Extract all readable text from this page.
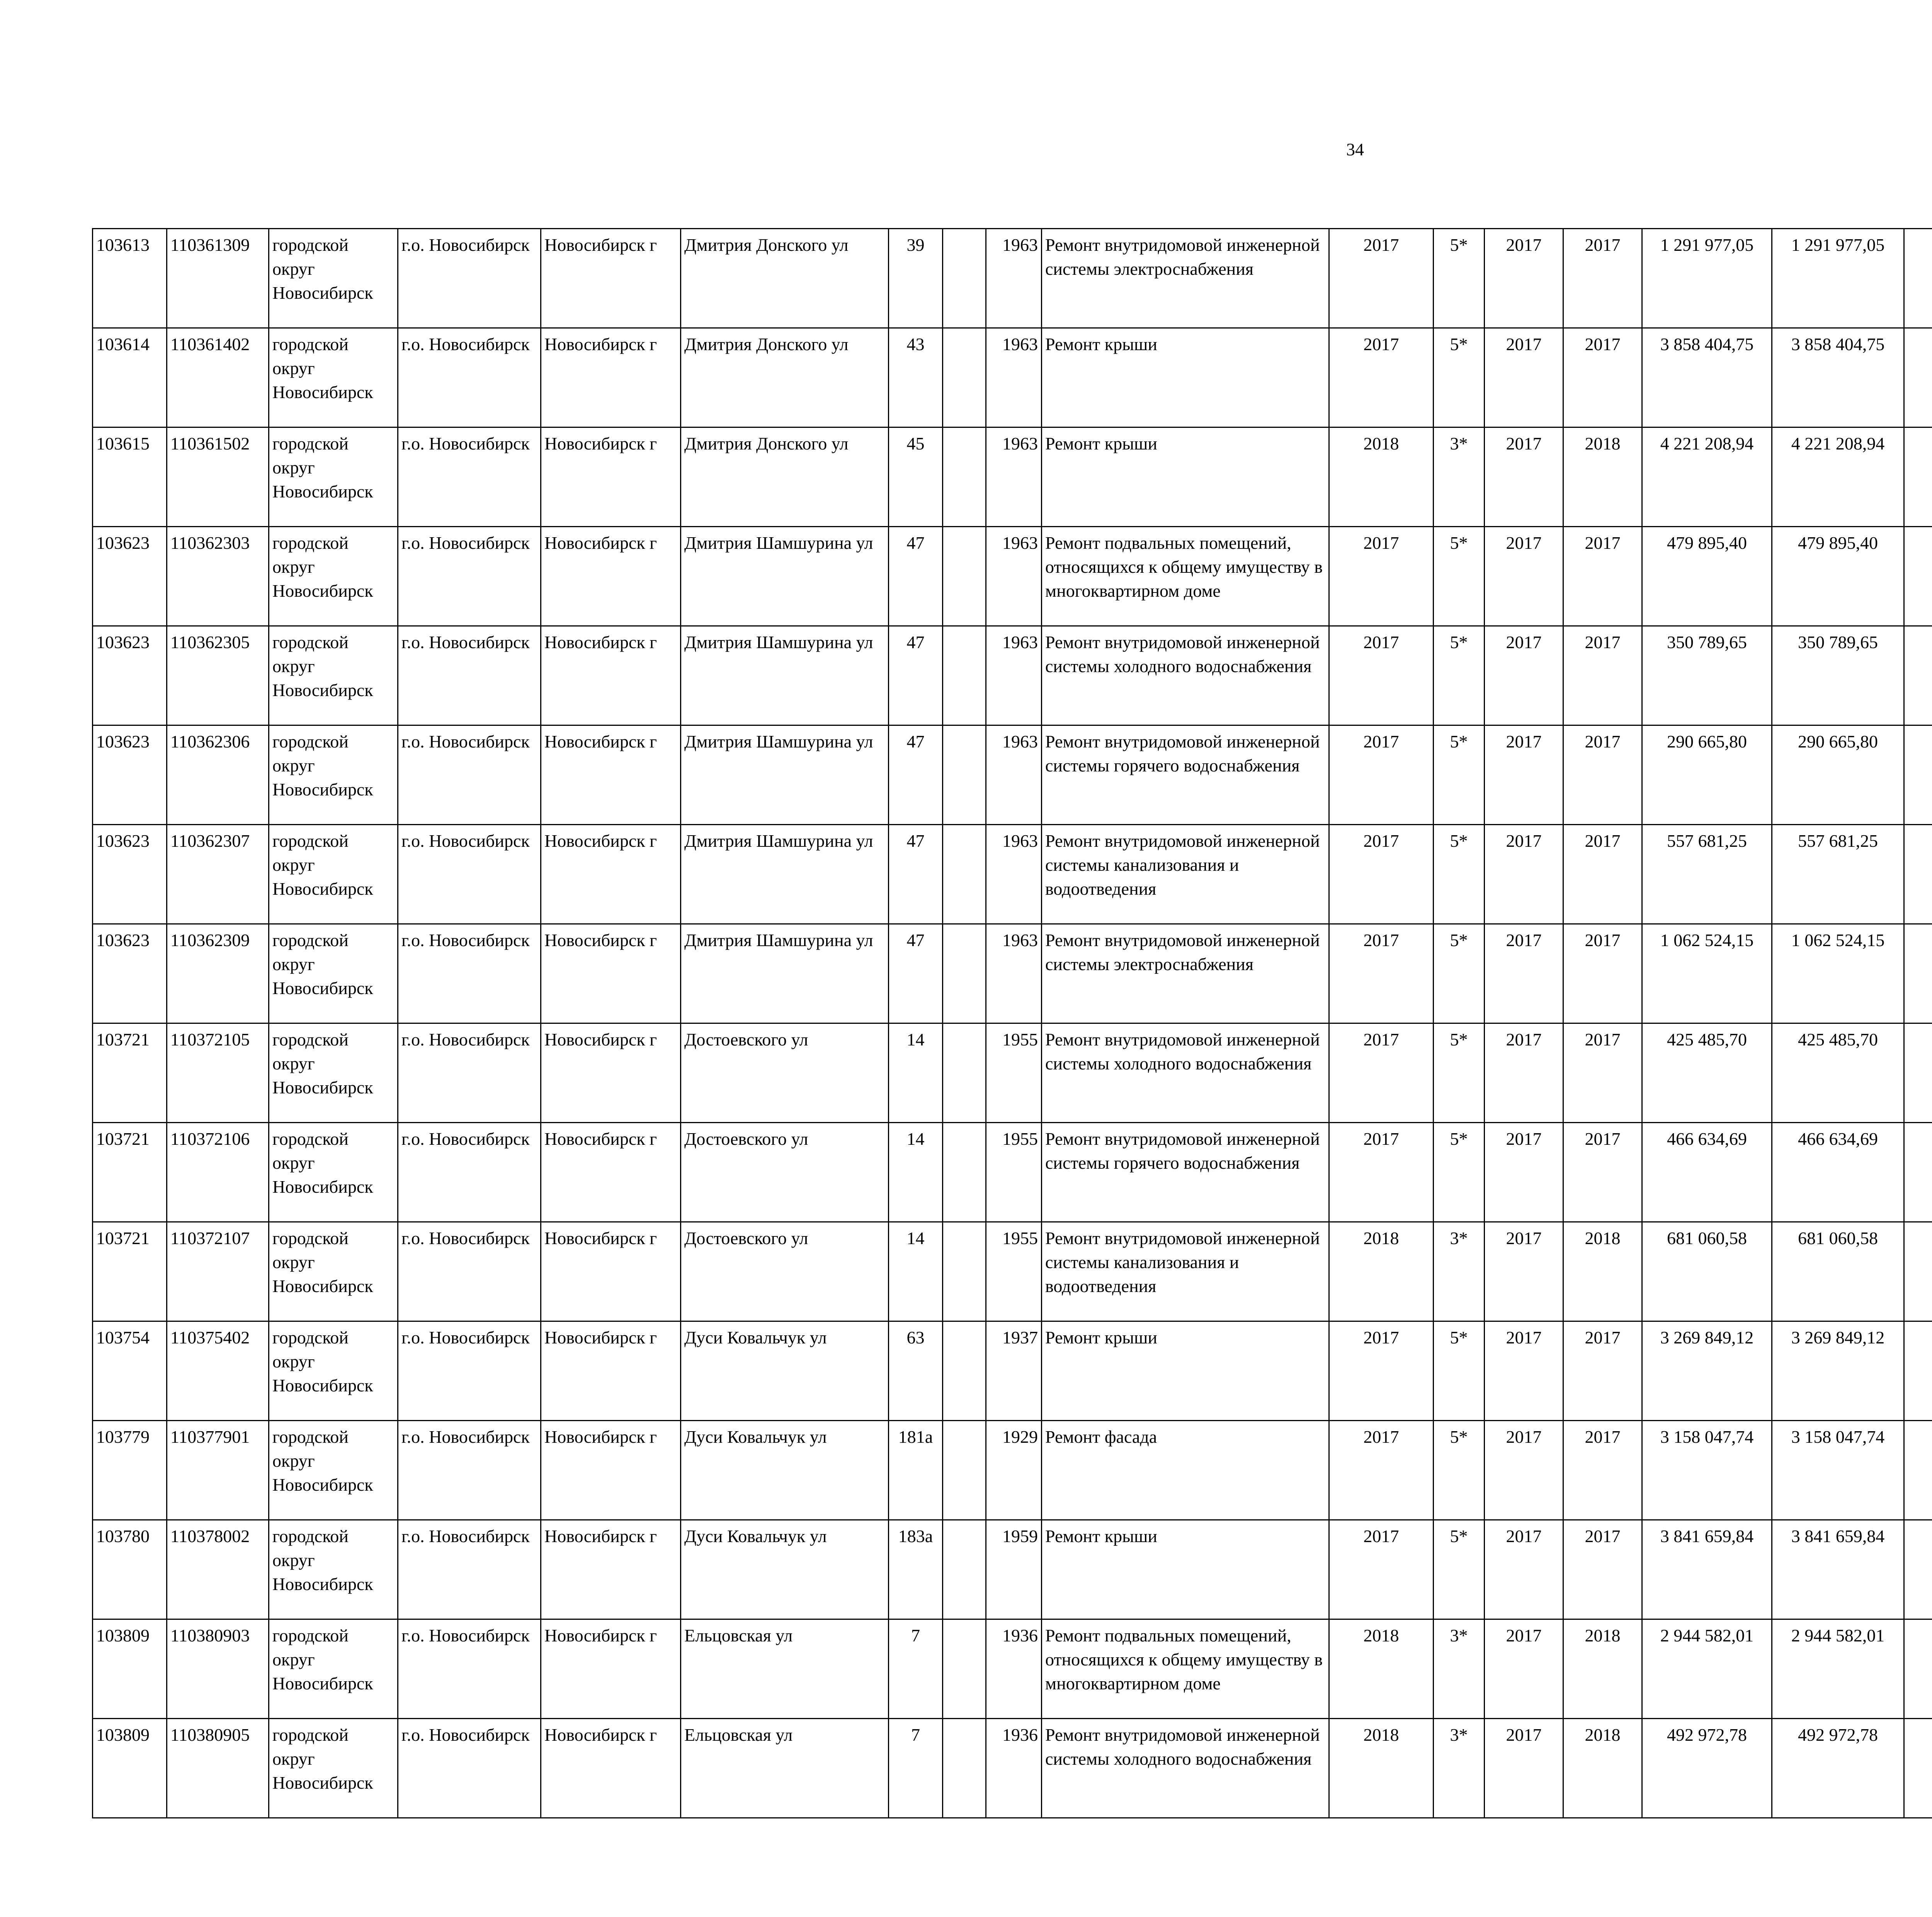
34
103613	110361309	городской округ Новосибирск	г.о. Новосибирск	Новосибирск г	Дмитрия Донского ул	39		1963	Ремонт внутридомовой инженерной системы электроснабжения	2017	5*	2017	2017	1 291 977,05	1 291 977,05						
103614	110361402	городской округ Новосибирск	г.о. Новосибирск	Новосибирск г	Дмитрия Донского ул	43		1963	Ремонт крыши	2017	5*	2017	2017	3 858 404,75	3 858 404,75						
103615	110361502	городской округ Новосибирск	г.о. Новосибирск	Новосибирск г	Дмитрия Донского ул	45		1963	Ремонт крыши	2018	3*	2017	2018	4 221 208,94	4 221 208,94						
103623	110362303	городской округ Новосибирск	г.о. Новосибирск	Новосибирск г	Дмитрия Шамшурина ул	47		1963	Ремонт подвальных помещений, относящихся к общему имуществу в многоквартирном доме	2017	5*	2017	2017	479 895,40	479 895,40						
103623	110362305	городской округ Новосибирск	г.о. Новосибирск	Новосибирск г	Дмитрия Шамшурина ул	47		1963	Ремонт внутридомовой инженерной системы холодного водоснабжения	2017	5*	2017	2017	350 789,65	350 789,65						
103623	110362306	городской округ Новосибирск	г.о. Новосибирск	Новосибирск г	Дмитрия Шамшурина ул	47		1963	Ремонт внутридомовой инженерной системы горячего водоснабжения	2017	5*	2017	2017	290 665,80	290 665,80						
103623	110362307	городской округ Новосибирск	г.о. Новосибирск	Новосибирск г	Дмитрия Шамшурина ул	47		1963	Ремонт внутридомовой инженерной системы канализования и водоотведения	2017	5*	2017	2017	557 681,25	557 681,25						
103623	110362309	городской округ Новосибирск	г.о. Новосибирск	Новосибирск г	Дмитрия Шамшурина ул	47		1963	Ремонт внутридомовой инженерной системы электроснабжения	2017	5*	2017	2017	1 062 524,15	1 062 524,15						
103721	110372105	городской округ Новосибирск	г.о. Новосибирск	Новосибирск г	Достоевского ул	14		1955	Ремонт внутридомовой инженерной системы холодного водоснабжения	2017	5*	2017	2017	425 485,70	425 485,70						
103721	110372106	городской округ Новосибирск	г.о. Новосибирск	Новосибирск г	Достоевского ул	14		1955	Ремонт внутридомовой инженерной системы горячего водоснабжения	2017	5*	2017	2017	466 634,69	466 634,69						
103721	110372107	городской округ Новосибирск	г.о. Новосибирск	Новосибирск г	Достоевского ул	14		1955	Ремонт внутридомовой инженерной системы канализования и водоотведения	2018	3*	2017	2018	681 060,58	681 060,58						
103754	110375402	городской округ Новосибирск	г.о. Новосибирск	Новосибирск г	Дуси Ковальчук ул	63		1937	Ремонт крыши	2017	5*	2017	2017	3 269 849,12	3 269 849,12						
103779	110377901	городской округ Новосибирск	г.о. Новосибирск	Новосибирск г	Дуси Ковальчук ул	181а		1929	Ремонт фасада	2017	5*	2017	2017	3 158 047,74	3 158 047,74						
103780	110378002	городской округ Новосибирск	г.о. Новосибирск	Новосибирск г	Дуси Ковальчук ул	183а		1959	Ремонт крыши	2017	5*	2017	2017	3 841 659,84	3 841 659,84						
103809	110380903	городской округ Новосибирск	г.о. Новосибирск	Новосибирск г	Ельцовская ул	7		1936	Ремонт подвальных помещений, относящихся к общему имуществу в многоквартирном доме	2018	3*	2017	2018	2 944 582,01	2 944 582,01						
103809	110380905	городской округ Новосибирск	г.о. Новосибирск	Новосибирск г	Ельцовская ул	7		1936	Ремонт внутридомовой инженерной системы холодного водоснабжения	2018	3*	2017	2018	492 972,78	492 972,78						
